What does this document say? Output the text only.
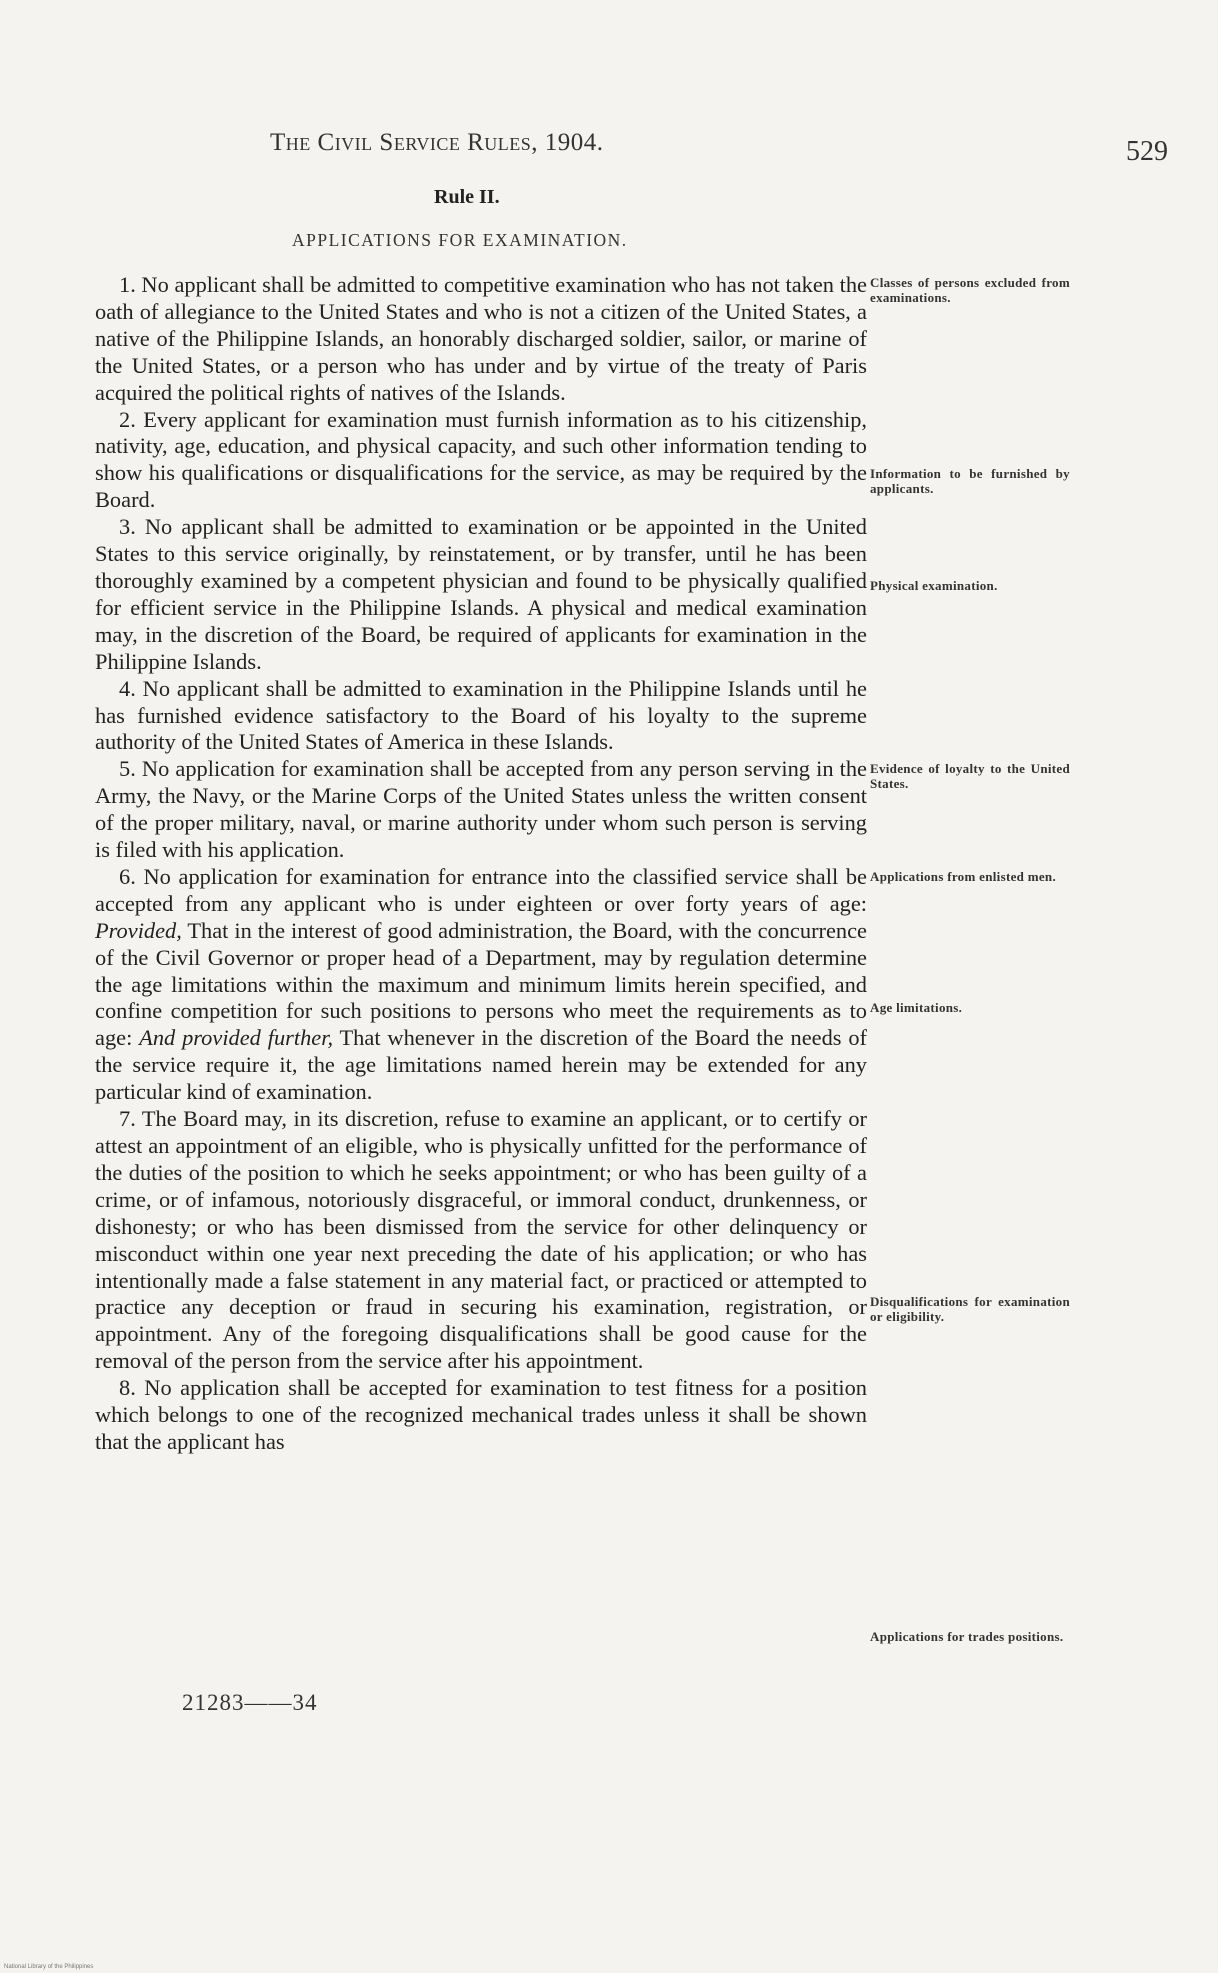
The Civil Service Rules, 1904.	529
Rule II.
APPLICATIONS FOR EXAMINATION.

1. No applicant shall be admitted to competitive examination who has not taken the oath of allegiance to the United States and who is not a citizen of the United States, a native of the Philippine Islands, an honorably discharged soldier, sailor, or marine of the United States, or a person who has under and by virtue of the treaty of Paris acquired the political rights of natives of the Islands.

2. Every applicant for examination must furnish information as to his citizenship, nativity, age, education, and physical capacity, and such other information tending to show his qualifications or disqualifications for the service, as may be required by the Board.

3. No applicant shall be admitted to examination or be appointed in the United States to this service originally, by reinstatement, or by transfer, until he has been thoroughly examined by a competent physician and found to be physically qualified for efficient service in the Philippine Islands. A physical and medical examination may, in the discretion of the Board, be required of applicants for examination in the Philippine Islands.

4. No applicant shall be admitted to examination in the Philippine Islands until he has furnished evidence satisfactory to the Board of his loyalty to the supreme authority of the United States of America in these Islands.

5. No application for examination shall be accepted from any person serving in the Army, the Navy, or the Marine Corps of the United States unless the written consent of the proper military, naval, or marine authority under whom such person is serving is filed with his application.

6. No application for examination for entrance into the classified service shall be accepted from any applicant who is under eighteen or over forty years of age: Provided, That in the interest of good administration, the Board, with the concurrence of the Civil Governor or proper head of a Department, may by regulation determine the age limitations within the maximum and minimum limits herein specified, and confine competition for such positions to persons who meet the requirements as to age: And provided further, That whenever in the discretion of the Board the needs of the service require it, the age limitations named herein may be extended for any particular kind of examination.

7. The Board may, in its discretion, refuse to examine an applicant, or to certify or attest an appointment of an eligible, who is physically unfitted for the performance of the duties of the position to which he seeks appointment; or who has been guilty of a crime, or of infamous, notoriously disgraceful, or immoral conduct, drunkenness, or dishonesty; or who has been dismissed from the service for other delinquency or misconduct within one year next preceding the date of his application; or who has intentionally made a false statement in any material fact, or practiced or attempted to practice any deception or fraud in securing his examination, registration, or appointment. Any of the foregoing disqualifications shall be good cause for the removal of the person from the service after his appointment.

8. No application shall be accepted for examination to test fitness for a position which belongs to one of the recognized mechanical trades unless it shall be shown that the applicant has

Classes of persons excluded from examinations.
Information to be furnished by applicants.
Physical examination.
Evidence of loyalty to the United States.
Applications from enlisted men.
Age limitations.
Disqualifications for examination or eligibility.
Applications for trades positions.
21283——34
National Library of the Philippines
